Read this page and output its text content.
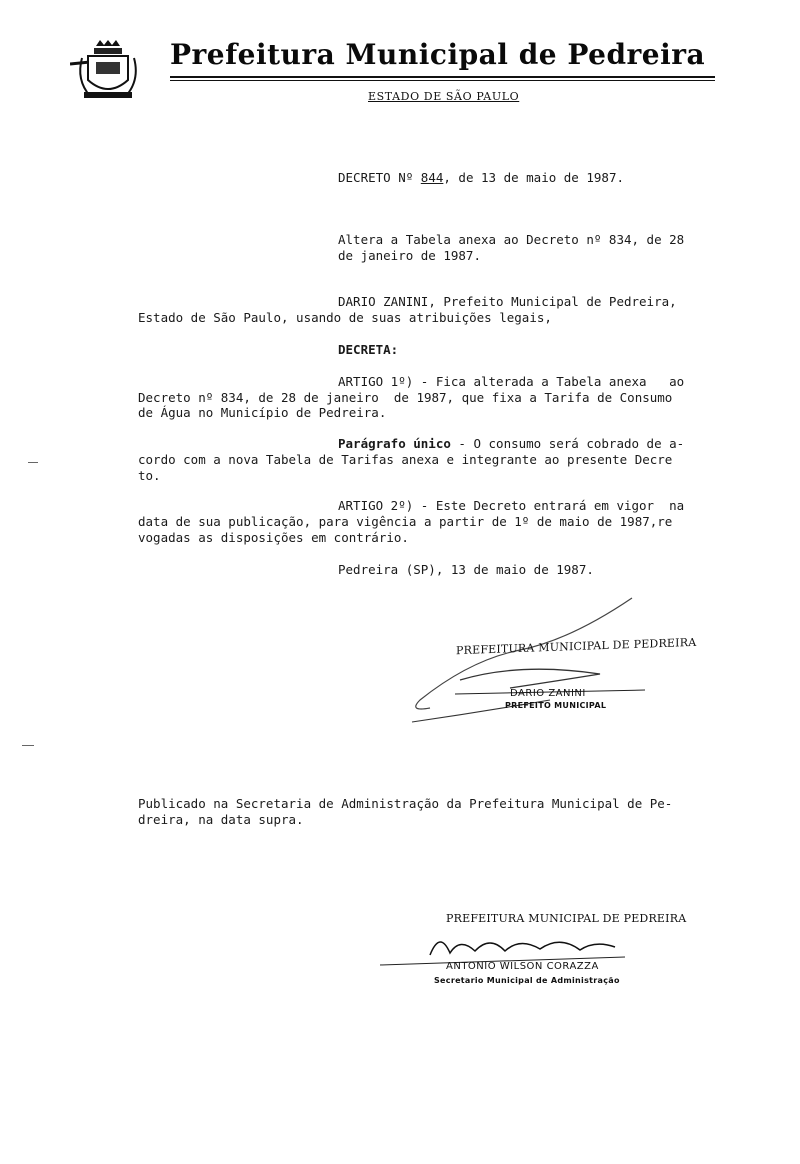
Prefeitura Municipal de Pedreira
ESTADO DE SÃO PAULO
DECRETO Nº 844, de 13 de maio de 1987.
Altera a Tabela anexa ao Decreto nº 834, de 28
de janeiro de 1987.
DARIO ZANINI, Prefeito Municipal de Pedreira,
Estado de São Paulo, usando de suas atribuições legais,
DECRETA:
ARTIGO 1º) - Fica alterada a Tabela anexa   ao
Decreto nº 834, de 28 de janeiro  de 1987, que fixa a Tarifa de Consumo
de Água no Município de Pedreira.
Parágrafo único - O consumo será cobrado de a-
cordo com a nova Tabela de Tarifas anexa e integrante ao presente Decre
to.
ARTIGO 2º) - Este Decreto entrará em vigor  na
data de sua publicação, para vigência a partir de 1º de maio de 1987,re
vogadas as disposições em contrário.
Pedreira (SP), 13 de maio de 1987.
PREFEITURA MUNICIPAL DE PEDREIRA
DARIO ZANINI
PREFEITO MUNICIPAL
Publicado na Secretaria de Administração da Prefeitura Municipal de Pe-
dreira, na data supra.
PREFEITURA MUNICIPAL DE PEDREIRA
ANTONIO WILSON CORAZZA
Secretario Municipal de Administração
